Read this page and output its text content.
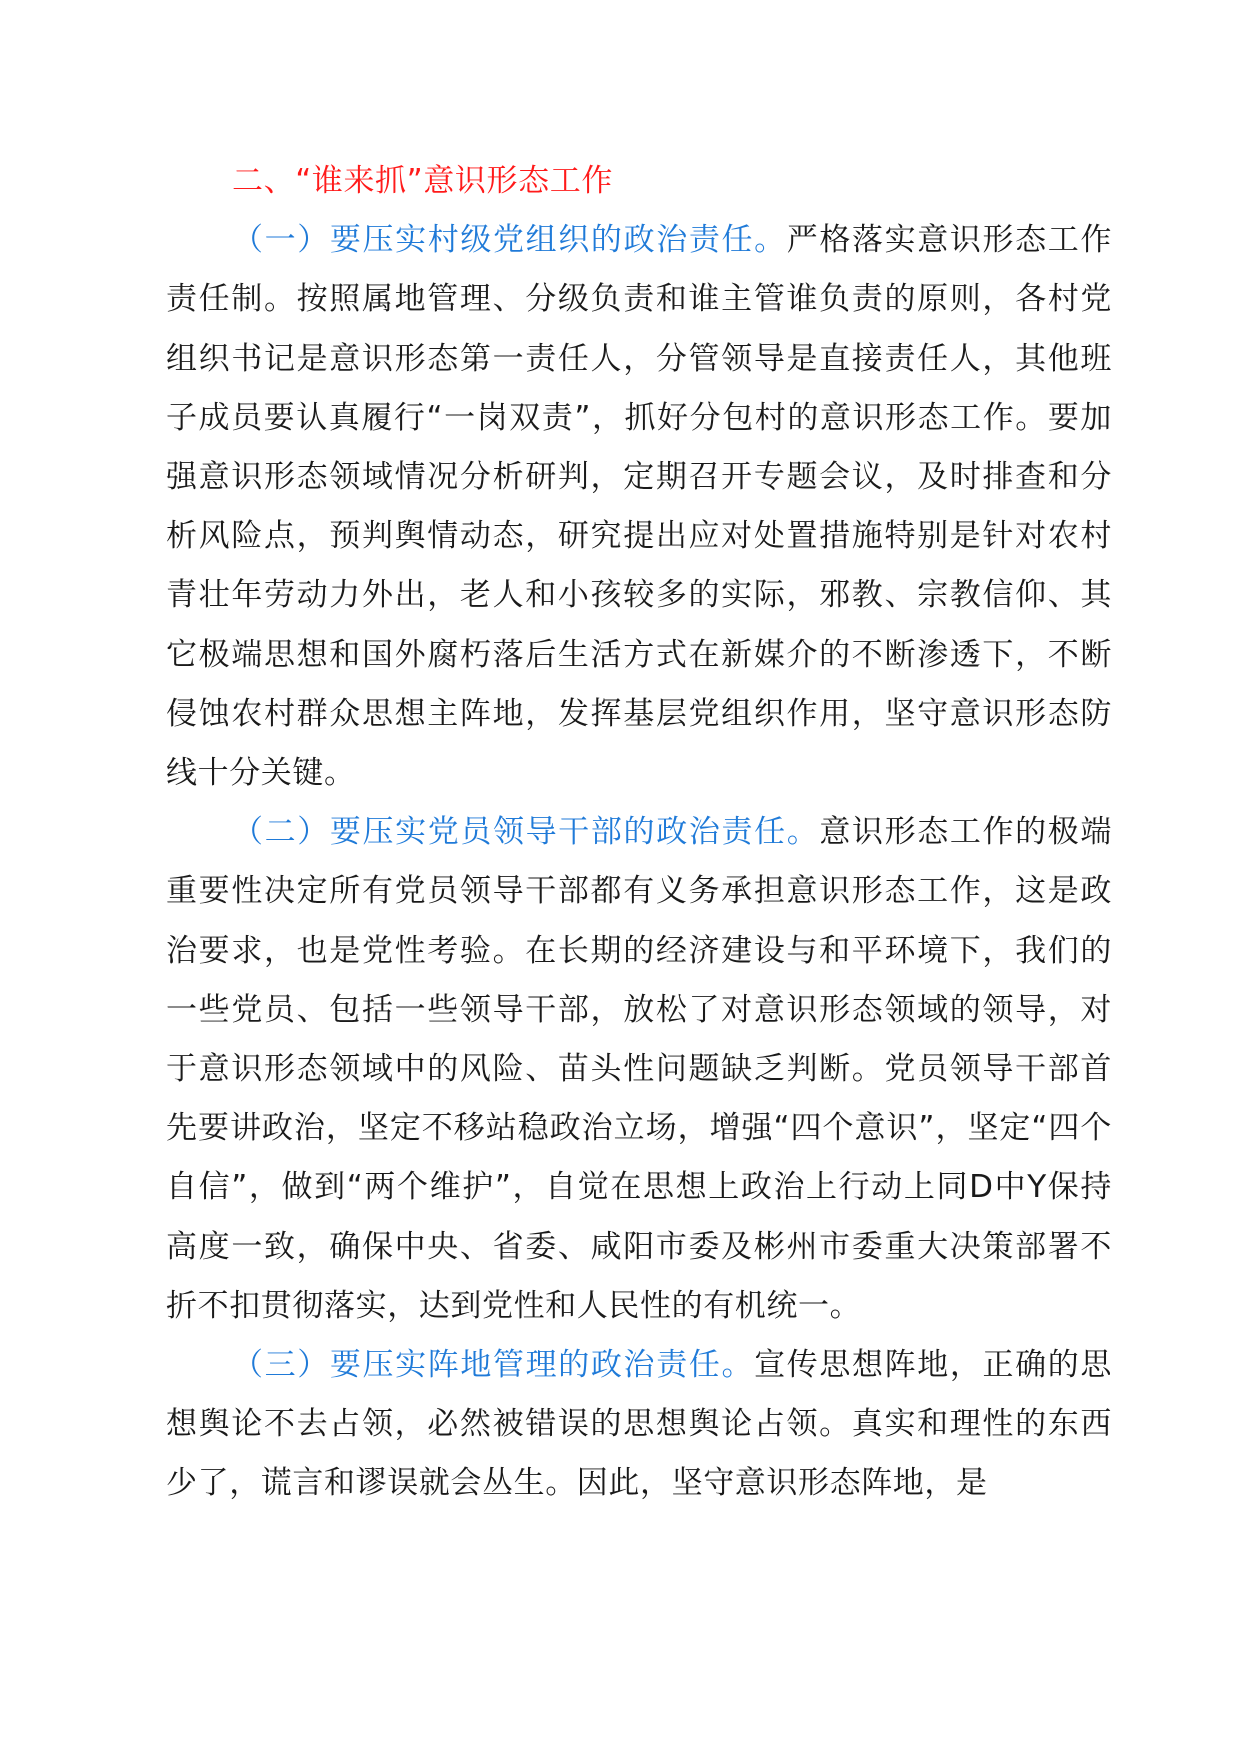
二、“谁来抓”意识形态工作

（一）要压实村级党组织的政治责任。严格落实意识形态工作责任制。按照属地管理、分级负责和谁主管谁负责的原则，各村党组织书记是意识形态第一责任人，分管领导是直接责任人，其他班子成员要认真履行“一岗双责”，抓好分包村的意识形态工作。要加强意识形态领域情况分析研判，定期召开专题会议，及时排查和分析风险点，预判舆情动态，研究提出应对处置措施特别是针对农村青壮年劳动力外出，老人和小孩较多的实际，邪教、宗教信仰、其它极端思想和国外腐朽落后生活方式在新媒介的不断渗透下，不断侵蚀农村群众思想主阵地，发挥基层党组织作用，坚守意识形态防线十分关键。

（二）要压实党员领导干部的政治责任。意识形态工作的极端重要性决定所有党员领导干部都有义务承担意识形态工作，这是政治要求，也是党性考验。在长期的经济建设与和平环境下，我们的一些党员、包括一些领导干部，放松了对意识形态领域的领导，对于意识形态领域中的风险、苗头性问题缺乏判断。党员领导干部首先要讲政治，坚定不移站稳政治立场，增强“四个意识”，坚定“四个自信”，做到“两个维护”，自觉在思想上政治上行动上同D中Y保持高度一致，确保中央、省委、咸阳市委及彬州市委重大决策部署不折不扣贯彻落实，达到党性和人民性的有机统一。

（三）要压实阵地管理的政治责任。宣传思想阵地，正确的思想舆论不去占领，必然被错误的思想舆论占领。真实和理性的东西少了，谎言和谬误就会丛生。因此，坚守意识形态阵地，是
